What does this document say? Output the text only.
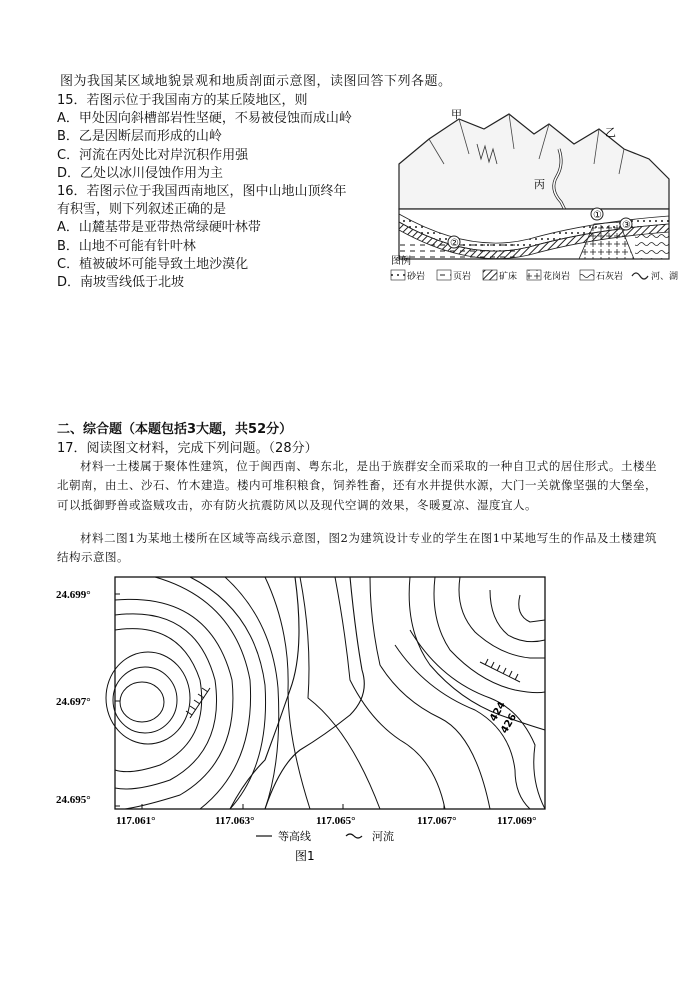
图为我国某区域地貌景观和地质剖面示意图，读图回答下列各题。

15．若图示位于我国南方的某丘陵地区，则

A．甲处因向斜槽部岩性坚硬，不易被侵蚀而成山岭

B．乙是因断层而形成的山岭

C．河流在丙处比对岸沉积作用强

D．乙处以冰川侵蚀作用为主

16．若图示位于我国西南地区，图中山地山顶终年

有积雪，则下列叙述正确的是

A．山麓基带是亚带热常绿硬叶林带

B．山地不可能有针叶林

C．植被破坏可能导致土地沙漠化

D．南坡雪线低于北坡

①
②
③
甲
丙
乙
图例
砂岩	页岩	矿床	花岗岩	石灰岩	河、湖

二、综合题（本题包括3大题，共52分）

17．阅读图文材料，完成下列问题。（28分）

材料一土楼属于聚体性建筑，位于闽西南、粤东北，是出于族群安全而采取的一种自卫式的居住形式。土楼坐北朝南，由土、沙石、竹木建造。楼内可堆积粮食，饲养牲畜，还有水井提供水源，大门一关就像坚强的大堡垒，可以抵御野兽或盗贼攻击，亦有防火抗震防风以及现代空调的效果，冬暖夏凉、湿度宜人。

材料二图1为某地土楼所在区域等高线示意图，图2为建筑设计专业的学生在图1中某地写生的作品及土楼建筑结构示意图。

424
426
24.699°
24.697°
24.695°
117.061°	117.063°	117.065°	117.067°	117.069°
等高线	河流
图1
